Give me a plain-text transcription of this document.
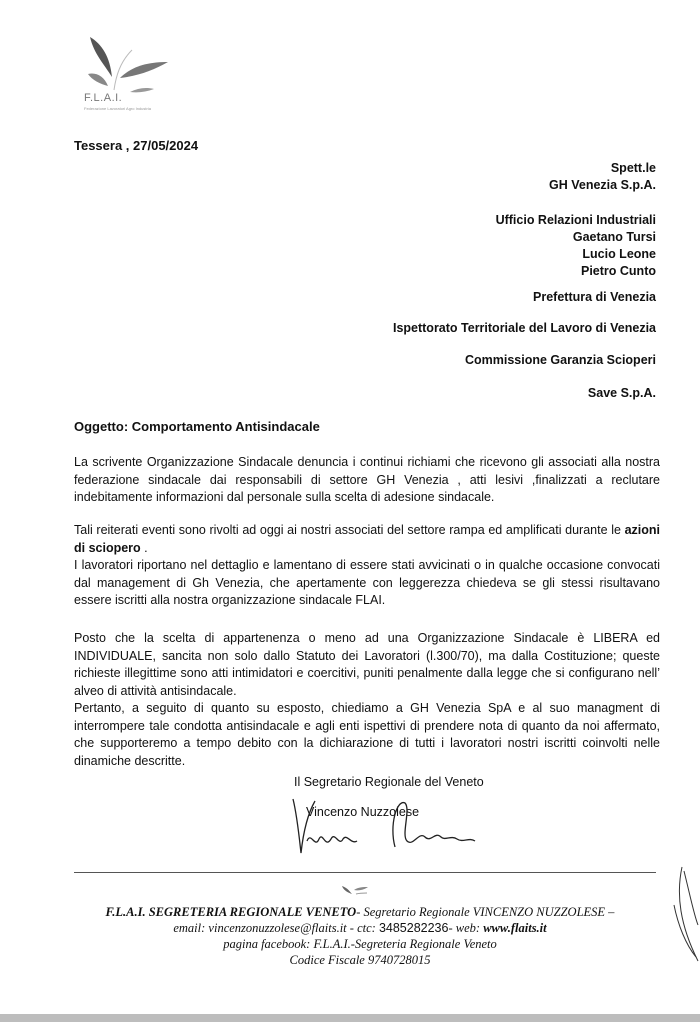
F.L.A.I.
Federazione Lavoratori Agro Industria
Tessera , 27/05/2024
Spett.le
GH Venezia S.p.A.
Ufficio Relazioni Industriali
Gaetano Tursi
Lucio Leone
Pietro Cunto
Prefettura di Venezia
Ispettorato Territoriale del Lavoro di Venezia
Commissione Garanzia Scioperi
Save S.p.A.
Oggetto: Comportamento Antisindacale
La scrivente Organizzazione Sindacale denuncia i continui richiami che ricevono gli associati alla nostra federazione sindacale dai responsabili di settore GH Venezia , atti lesivi ,finalizzati a reclutare indebitamente informazioni dal personale sulla scelta di adesione sindacale.
Tali reiterati eventi sono rivolti ad oggi ai nostri associati del settore rampa ed amplificati durante le azioni di sciopero .
I lavoratori riportano nel dettaglio e lamentano di essere stati avvicinati o in qualche occasione convocati dal management di Gh Venezia, che apertamente con leggerezza chiedeva se gli stessi risultavano essere iscritti alla nostra organizzazione sindacale FLAI.
Posto che la scelta di appartenenza o meno ad una Organizzazione Sindacale è LIBERA ed INDIVIDUALE, sancita non solo dallo Statuto dei Lavoratori (l.300/70), ma dalla Costituzione; queste richieste illegittime sono atti intimidatori e coercitivi, puniti penalmente dalla legge che si configurano nell’ alveo di attività antisindacale.
Pertanto, a seguito di quanto su esposto, chiediamo a GH Venezia SpA e al suo managment di interrompere tale condotta antisindacale e agli enti ispettivi di prendere nota di quanto da noi affermato, che supporteremo a tempo debito con la dichiarazione di tutti i lavoratori nostri iscritti coinvolti nelle dinamiche descritte.
Il Segretario Regionale del Veneto
Vincenzo Nuzzolese
F.L.A.I. SEGRETERIA REGIONALE VENETO- Segretario Regionale VINCENZO NUZZOLESE –
email: vincenzonuzzolese@flaits.it - ctc: 3485282236- web: www.flaits.it
pagina facebook: F.L.A.I.-Segreteria Regionale Veneto
Codice Fiscale 9740728015
